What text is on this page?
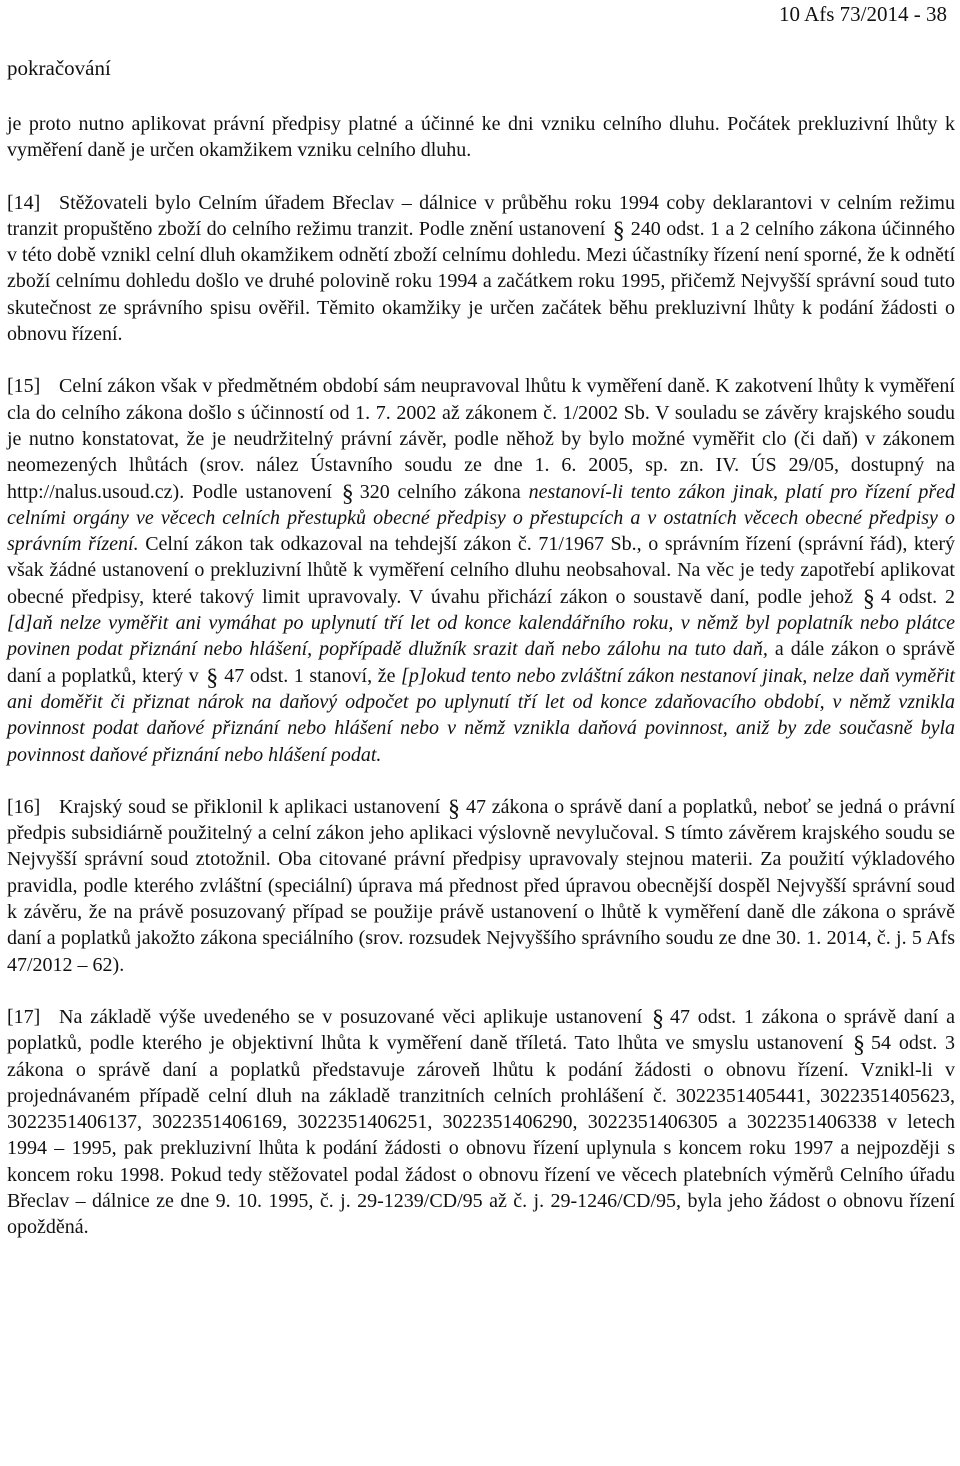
10 Afs 73/2014 - 38
pokračování

je proto nutno aplikovat právní předpisy platné a účinné ke dni vzniku celního dluhu. Počátek prekluzivní lhůty k vyměření daně je určen okamžikem vzniku celního dluhu.

[14] Stěžovateli bylo Celním úřadem Břeclav – dálnice v průběhu roku 1994 coby deklarantovi v celním režimu tranzit propuštěno zboží do celního režimu tranzit. Podle znění ustanovení § 240 odst. 1 a 2 celního zákona účinného v této době vznikl celní dluh okamžikem odnětí zboží celnímu dohledu. Mezi účastníky řízení není sporné, že k odnětí zboží celnímu dohledu došlo ve druhé polovině roku 1994 a začátkem roku 1995, přičemž Nejvyšší správní soud tuto skutečnost ze správního spisu ověřil. Těmito okamžiky je určen začátek běhu prekluzivní lhůty k podání žádosti o obnovu řízení.

[15] Celní zákon však v předmětném období sám neupravoval lhůtu k vyměření daně. K zakotvení lhůty k vyměření cla do celního zákona došlo s účinností od 1. 7. 2002 až zákonem č. 1/2002 Sb. V souladu se závěry krajského soudu je nutno konstatovat, že je neudržitelný právní závěr, podle něhož by bylo možné vyměřit clo (či daň) v zákonem neomezených lhůtách (srov. nález Ústavního soudu ze dne 1. 6. 2005, sp. zn. IV. ÚS 29/05, dostupný na http://nalus.usoud.cz). Podle ustanovení § 320 celního zákona nestanoví-li tento zákon jinak, platí pro řízení před celními orgány ve věcech celních přestupků obecné předpisy o přestupcích a v ostatních věcech obecné předpisy o správním řízení. Celní zákon tak odkazoval na tehdejší zákon č. 71/1967 Sb., o správním řízení (správní řád), který však žádné ustanovení o prekluzivní lhůtě k vyměření celního dluhu neobsahoval. Na věc je tedy zapotřebí aplikovat obecné předpisy, které takový limit upravovaly. V úvahu přichází zákon o soustavě daní, podle jehož § 4 odst. 2 [d]aň nelze vyměřit ani vymáhat po uplynutí tří let od konce kalendářního roku, v němž byl poplatník nebo plátce povinen podat přiznání nebo hlášení, popřípadě dlužník srazit daň nebo zálohu na tuto daň, a dále zákon o správě daní a poplatků, který v § 47 odst. 1 stanoví, že [p]okud tento nebo zvláštní zákon nestanoví jinak, nelze daň vyměřit ani doměřit či přiznat nárok na daňový odpočet po uplynutí tří let od konce zdaňovacího období, v němž vznikla povinnost podat daňové přiznání nebo hlášení nebo v němž vznikla daňová povinnost, aniž by zde současně byla povinnost daňové přiznání nebo hlášení podat.

[16] Krajský soud se přiklonil k aplikaci ustanovení § 47 zákona o správě daní a poplatků, neboť se jedná o právní předpis subsidiárně použitelný a celní zákon jeho aplikaci výslovně nevylučoval. S tímto závěrem krajského soudu se Nejvyšší správní soud ztotožnil. Oba citované právní předpisy upravovaly stejnou materii. Za použití výkladového pravidla, podle kterého zvláštní (speciální) úprava má přednost před úpravou obecnější dospěl Nejvyšší správní soud k závěru, že na právě posuzovaný případ se použije právě ustanovení o lhůtě k vyměření daně dle zákona o správě daní a poplatků jakožto zákona speciálního (srov. rozsudek Nejvyššího správního soudu ze dne 30. 1. 2014, č. j. 5 Afs 47/2012 – 62).

[17] Na základě výše uvedeného se v posuzované věci aplikuje ustanovení § 47 odst. 1 zákona o správě daní a poplatků, podle kterého je objektivní lhůta k vyměření daně tříletá. Tato lhůta ve smyslu ustanovení § 54 odst. 3 zákona o správě daní a poplatků představuje zároveň lhůtu k podání žádosti o obnovu řízení. Vznikl-li v projednávaném případě celní dluh na základě tranzitních celních prohlášení č. 3022351405441, 3022351405623, 3022351406137, 3022351406169, 3022351406251, 3022351406290, 3022351406305 a 3022351406338 v letech 1994 – 1995, pak prekluzivní lhůta k podání žádosti o obnovu řízení uplynula s koncem roku 1997 a nejpozději s koncem roku 1998. Pokud tedy stěžovatel podal žádost o obnovu řízení ve věcech platebních výměrů Celního úřadu Břeclav – dálnice ze dne 9. 10. 1995, č. j. 29-1239/CD/95 až č. j. 29-1246/CD/95, byla jeho žádost o obnovu řízení opožděná.
